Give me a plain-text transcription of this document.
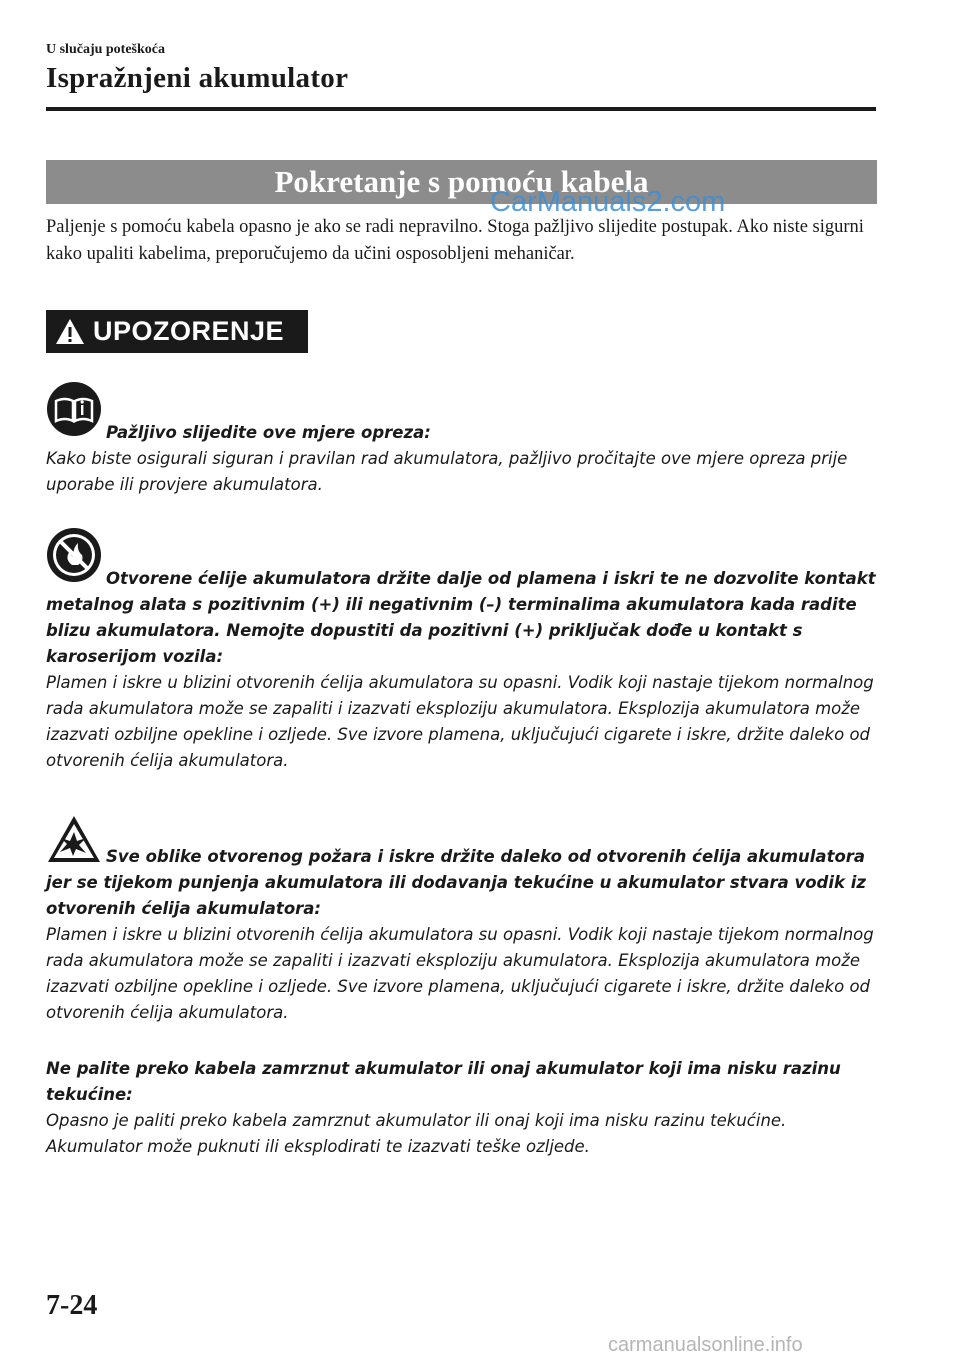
U slučaju poteškoća
Ispražnjeni akumulator
Pokretanje s pomoću kabela
CarManuals2.com
Paljenje s pomoću kabela opasno je ako se radi nepravilno. Stoga pažljivo slijedite postupak. Ako niste sigurni kako upaliti kabelima, preporučujemo da učini osposobljeni mehaničar.
UPOZORENJE
Pažljivo slijedite ove mjere opreza:

Kako biste osigurali siguran i pravilan rad akumulatora, pažljivo pročitajte ove mjere opreza prije uporabe ili provjere akumulatora.

Otvorene ćelije akumulatora držite dalje od plamena i iskri te ne dozvolite kontakt metalnog alata s pozitivnim (+) ili negativnim (–) terminalima akumulatora kada radite blizu akumulatora. Nemojte dopustiti da pozitivni (+) priključak dođe u kontakt s karoserijom vozila:

Plamen i iskre u blizini otvorenih ćelija akumulatora su opasni. Vodik koji nastaje tijekom normalnog rada akumulatora može se zapaliti i izazvati eksploziju akumulatora. Eksplozija akumulatora može izazvati ozbiljne opekline i ozljede. Sve izvore plamena, uključujući cigarete i iskre, držite daleko od otvorenih ćelija akumulatora.

Sve oblike otvorenog požara i iskre držite daleko od otvorenih ćelija akumulatora jer se tijekom punjenja akumulatora ili dodavanja tekućine u akumulator stvara vodik iz otvorenih ćelija akumulatora:

Plamen i iskre u blizini otvorenih ćelija akumulatora su opasni. Vodik koji nastaje tijekom normalnog rada akumulatora može se zapaliti i izazvati eksploziju akumulatora. Eksplozija akumulatora može izazvati ozbiljne opekline i ozljede. Sve izvore plamena, uključujući cigarete i iskre, držite daleko od otvorenih ćelija akumulatora.

Ne palite preko kabela zamrznut akumulator ili onaj akumulator koji ima nisku razinu tekućine:

Opasno je paliti preko kabela zamrznut akumulator ili onaj koji ima nisku razinu tekućine. Akumulator može puknuti ili eksplodirati te izazvati teške ozljede.

7-24
carmanualsonline.info
